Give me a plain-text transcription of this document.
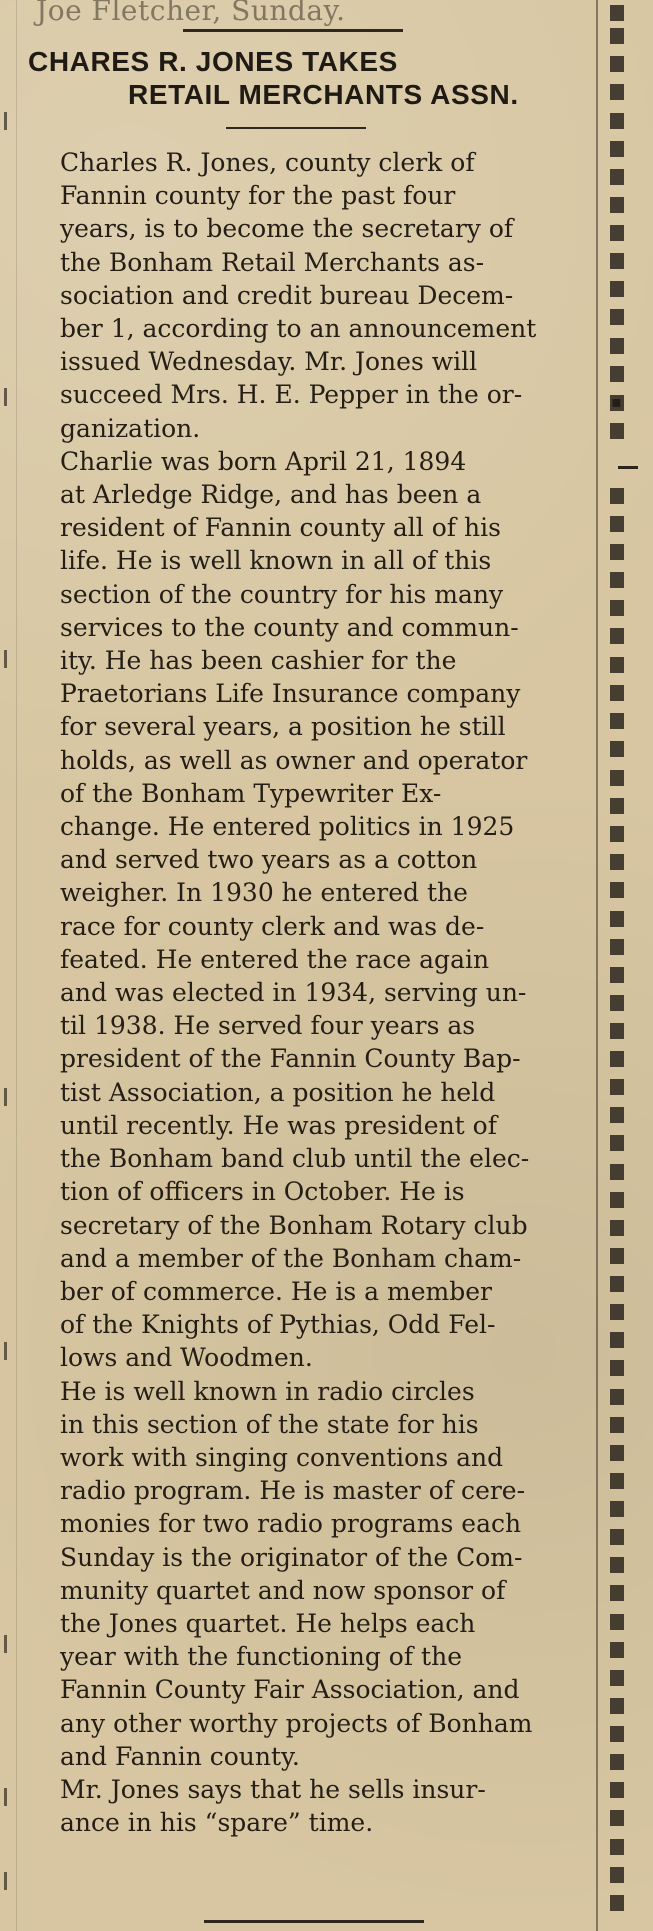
Joe Fletcher, Sunday.
CHARES R. JONES TAKES
RETAIL MERCHANTS ASSN.

Charles R. Jones, county clerk of
Fannin county for the past four
years, is to become the secretary of
the Bonham Retail Merchants as-
sociation and credit bureau Decem-
ber 1, according to an announcement
issued Wednesday. Mr. Jones will
succeed Mrs. H. E. Pepper in the or-
ganization.

Charlie was born April 21, 1894
at Arledge Ridge, and has been a
resident of Fannin county all of his
life. He is well known in all of this
section of the country for his many
services to the county and commun-
ity. He has been cashier for the
Praetorians Life Insurance company
for several years, a position he still
holds, as well as owner and operator
of the Bonham Typewriter Ex-
change. He entered politics in 1925
and served two years as a cotton
weigher. In 1930 he entered the
race for county clerk and was de-
feated. He entered the race again
and was elected in 1934, serving un-
til 1938. He served four years as
president of the Fannin County Bap-
tist Association, a position he held
until recently. He was president of
the Bonham band club until the elec-
tion of officers in October. He is
secretary of the Bonham Rotary club
and a member of the Bonham cham-
ber of commerce. He is a member
of the Knights of Pythias, Odd Fel-
lows and Woodmen.

He is well known in radio circles
in this section of the state for his
work with singing conventions and
radio program. He is master of cere-
monies for two radio programs each
Sunday is the originator of the Com-
munity quartet and now sponsor of
the Jones quartet. He helps each
year with the functioning of the
Fannin County Fair Association, and
any other worthy projects of Bonham
and Fannin county.

Mr. Jones says that he sells insur-
ance in his “spare” time.
